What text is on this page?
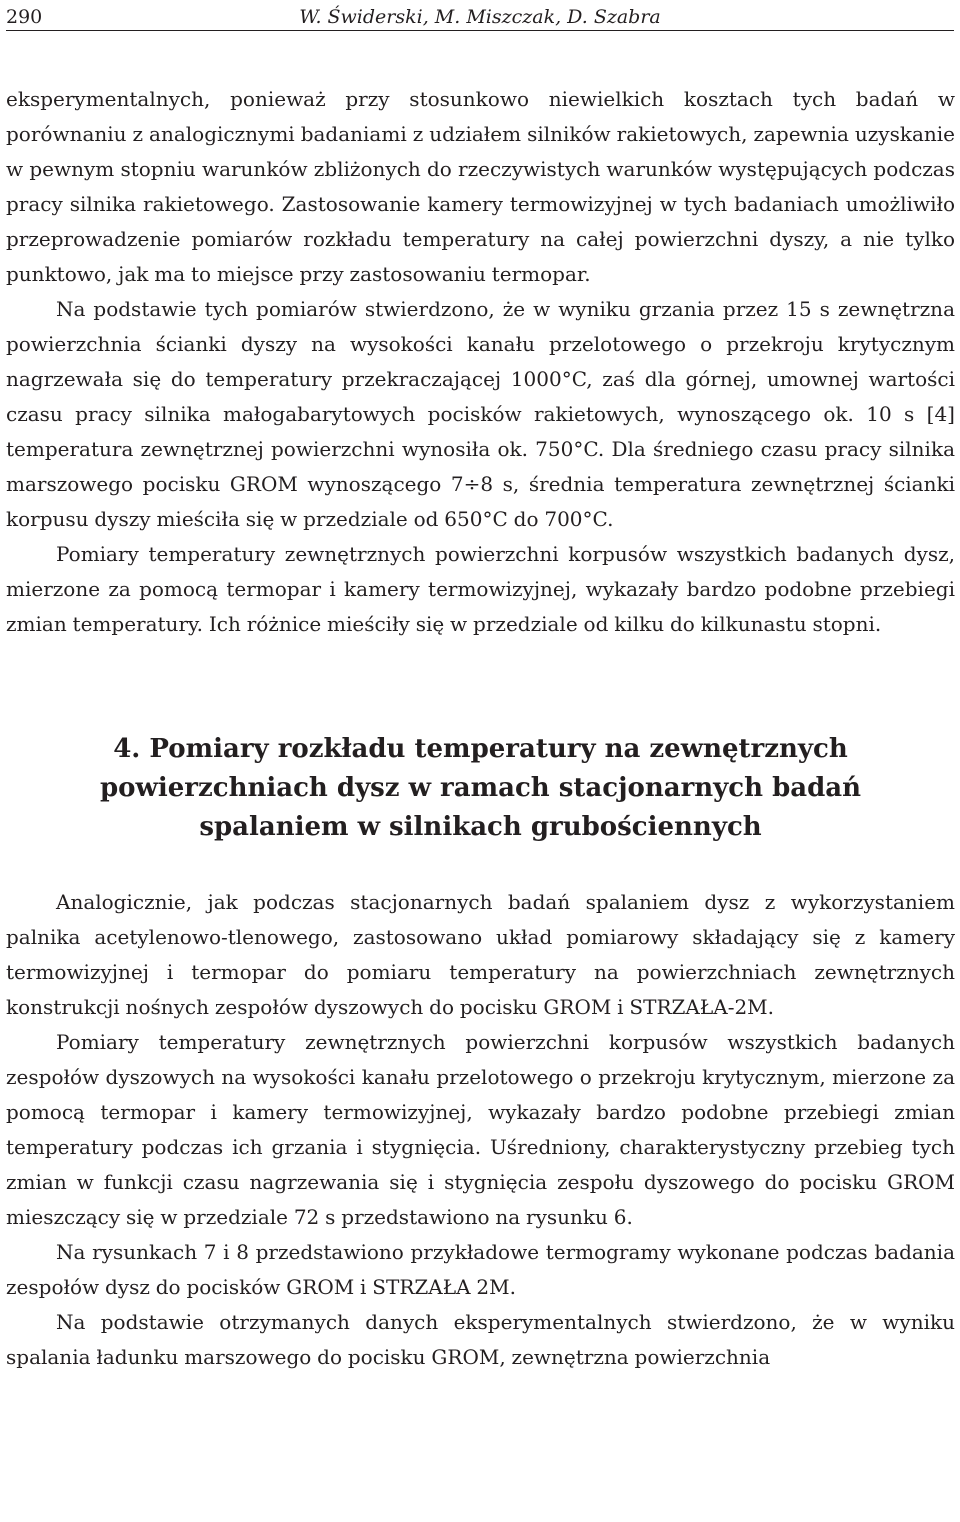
290	W. Świderski, M. Miszczak, D. Szabra

eksperymentalnych, ponieważ przy stosunkowo niewielkich kosztach tych badań w porównaniu z analogicznymi badaniami z udziałem silników rakietowych, zapewnia uzyskanie w pewnym stopniu warunków zbliżonych do rzeczywistych warunków występujących podczas pracy silnika rakietowego. Zastosowanie kamery termowizyjnej w tych badaniach umożliwiło przeprowadzenie pomiarów rozkładu temperatury na całej powierzchni dyszy, a nie tylko punktowo, jak ma to miejsce przy zastosowaniu termopar.

Na podstawie tych pomiarów stwierdzono, że w wyniku grzania przez 15 s zewnętrzna powierzchnia ścianki dyszy na wysokości kanału przelotowego o przekroju krytycznym nagrzewała się do temperatury przekraczającej 1000°C, zaś dla górnej, umownej wartości czasu pracy silnika małogabarytowych pocisków rakietowych, wynoszącego ok. 10 s [4] temperatura zewnętrznej powierzchni wynosiła ok. 750°C. Dla średniego czasu pracy silnika marszowego pocisku GROM wynoszącego 7÷8 s, średnia temperatura zewnętrznej ścianki korpusu dyszy mieściła się w przedziale od 650°C do 700°C.

Pomiary temperatury zewnętrznych powierzchni korpusów wszystkich badanych dysz, mierzone za pomocą termopar i kamery termowizyjnej, wykazały bardzo podobne przebiegi zmian temperatury. Ich różnice mieściły się w przedziale od kilku do kilkunastu stopni.

4. Pomiary rozkładu temperatury na zewnętrznych
powierzchniach dysz w ramach stacjonarnych badań
spalaniem w silnikach grubościennych

Analogicznie, jak podczas stacjonarnych badań spalaniem dysz z wykorzystaniem palnika acetylenowo-tlenowego, zastosowano układ pomiarowy składający się z kamery termowizyjnej i termopar do pomiaru temperatury na powierzchniach zewnętrznych konstrukcji nośnych zespołów dyszowych do pocisku GROM i STRZAŁA-2M.

Pomiary temperatury zewnętrznych powierzchni korpusów wszystkich badanych zespołów dyszowych na wysokości kanału przelotowego o przekroju krytycznym, mierzone za pomocą termopar i kamery termowizyjnej, wykazały bardzo podobne przebiegi zmian temperatury podczas ich grzania i stygnięcia. Uśredniony, charakterystyczny przebieg tych zmian w funkcji czasu nagrzewania się i stygnięcia zespołu dyszowego do pocisku GROM mieszczący się w przedziale 72 s przedstawiono na rysunku 6.

Na rysunkach 7 i 8 przedstawiono przykładowe termogramy wykonane podczas badania zespołów dysz do pocisków GROM i STRZAŁA 2M.

Na podstawie otrzymanych danych eksperymentalnych stwierdzono, że w wyniku spalania ładunku marszowego do pocisku GROM, zewnętrzna powierzchnia
